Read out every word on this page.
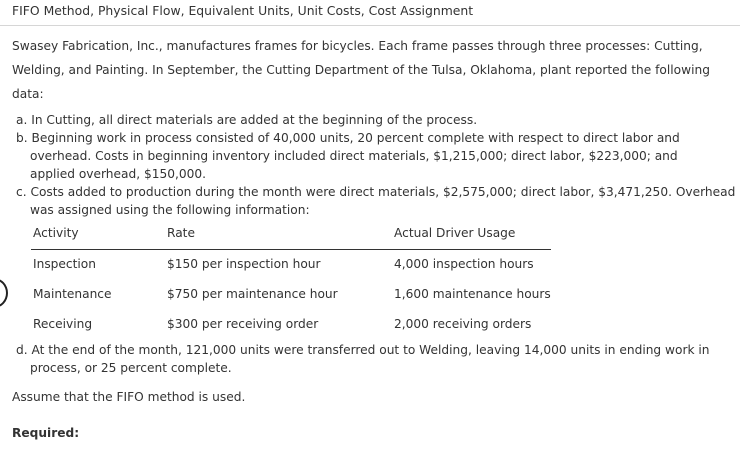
FIFO Method, Physical Flow, Equivalent Units, Unit Costs, Cost Assignment
Swasey Fabrication, Inc., manufactures frames for bicycles. Each frame passes through three processes: Cutting, Welding, and Painting. In September, the Cutting Department of the Tulsa, Oklahoma, plant reported the following data:
a. In Cutting, all direct materials are added at the beginning of the process.
b. Beginning work in process consisted of 40,000 units, 20 percent complete with respect to direct labor and
overhead. Costs in beginning inventory included direct materials, $1,215,000; direct labor, $223,000; and applied overhead, $150,000.
c. Costs added to production during the month were direct materials, $2,575,000; direct labor, $3,471,250. Overhead
was assigned using the following information:
Activity	Rate	Actual Driver Usage
Inspection	$150 per inspection hour	4,000 inspection hours
Maintenance	$750 per maintenance hour	1,600 maintenance hours
Receiving	$300 per receiving order	2,000 receiving orders
d. At the end of the month, 121,000 units were transferred out to Welding, leaving 14,000 units in ending work in
process, or 25 percent complete.
Assume that the FIFO method is used.
Required:
